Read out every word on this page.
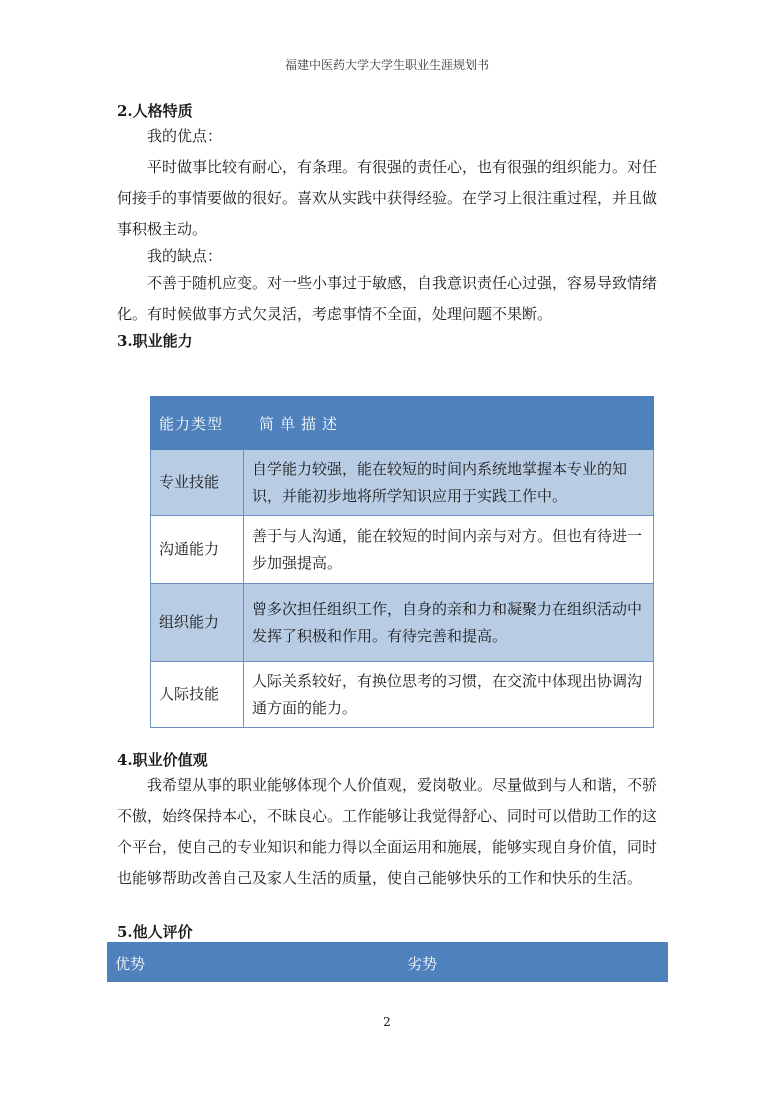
福建中医药大学大学生职业生涯规划书
2.人格特质
我的优点：
平时做事比较有耐心，有条理。有很强的责任心，也有很强的组织能力。对任何接手的事情要做的很好。喜欢从实践中获得经验。在学习上很注重过程，并且做事积极主动。
我的缺点：
不善于随机应变。对一些小事过于敏感，自我意识责任心过强，容易导致情绪化。有时候做事方式欠灵活，考虑事情不全面，处理问题不果断。
3.职业能力
能力类型 简单描述	
专业技能	自学能力较强，能在较短的时间内系统地掌握本专业的知识，并能初步地将所学知识应用于实践工作中。
沟通能力	善于与人沟通，能在较短的时间内亲与对方。但也有待进一步加强提高。
组织能力	曾多次担任组织工作，自身的亲和力和凝聚力在组织活动中发挥了积极和作用。有待完善和提高。
人际技能	人际关系较好，有换位思考的习惯，在交流中体现出协调沟通方面的能力。
4.职业价值观
我希望从事的职业能够体现个人价值观，爱岗敬业。尽量做到与人和谐，不骄不傲，始终保持本心，不昧良心。工作能够让我觉得舒心、同时可以借助工作的这个平台，使自己的专业知识和能力得以全面运用和施展，能够实现自身价值，同时也能够帮助改善自己及家人生活的质量，使自己能够快乐的工作和快乐的生活。
5.他人评价
优势	劣势
2
